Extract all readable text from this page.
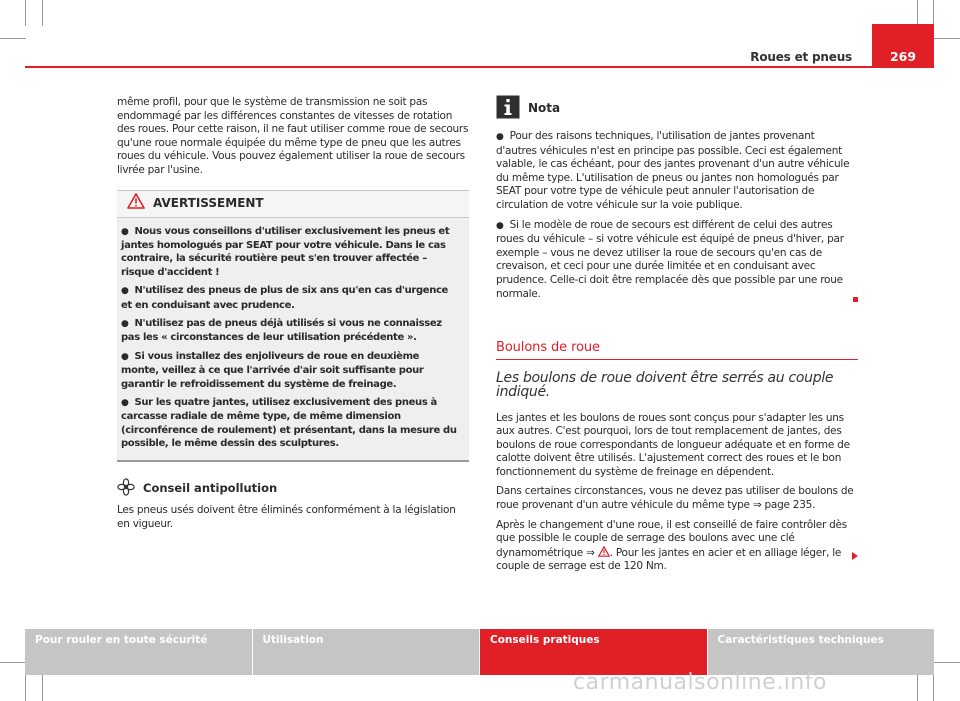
Roues et pneus	269

même profil, pour que le système de transmission ne soit pas endommagé par les différences constantes de vitesses de rotation des roues. Pour cette raison, il ne faut utiliser comme roue de secours qu'une roue normale équipée du même type de pneu que les autres roues du véhicule. Vous pouvez également utiliser la roue de secours livrée par l'usine.

AVERTISSEMENT

● Nous vous conseillons d'utiliser exclusivement les pneus et jantes homologués par SEAT pour votre véhicule. Dans le cas contraire, la sécurité routière peut s'en trouver affectée – risque d'accident !

● N'utilisez des pneus de plus de six ans qu'en cas d'urgence et en conduisant avec prudence.

● N'utilisez pas de pneus déjà utilisés si vous ne connaissez pas les « circonstances de leur utilisation précédente ».

● Si vous installez des enjoliveurs de roue en deuxième monte, veillez à ce que l'arrivée d'air soit suffisante pour garantir le refroidissement du système de freinage.

● Sur les quatre jantes, utilisez exclusivement des pneus à carcasse radiale de même type, de même dimension (circonférence de roulement) et présentant, dans la mesure du possible, le même dessin des sculptures.

Conseil antipollution

Les pneus usés doivent être éliminés conformément à la législation en vigueur.

Nota

● Pour des raisons techniques, l'utilisation de jantes provenant d'autres véhicules n'est en principe pas possible. Ceci est également valable, le cas échéant, pour des jantes provenant d'un autre véhicule du même type. L'utilisation de pneus ou jantes non homologués par SEAT pour votre type de véhicule peut annuler l'autorisation de circulation de votre véhicule sur la voie publique.

● Si le modèle de roue de secours est différent de celui des autres roues du véhicule – si votre véhicule est équipé de pneus d'hiver, par exemple – vous ne devez utiliser la roue de secours qu'en cas de crevaison, et ceci pour une durée limitée et en conduisant avec prudence. Celle-ci doit être remplacée dès que possible par une roue normale.

Boulons de roue
Les boulons de roue doivent être serrés au couple indiqué.

Les jantes et les boulons de roues sont conçus pour s'adapter les uns aux autres. C'est pourquoi, lors de tout remplacement de jantes, des boulons de roue correspondants de longueur adéquate et en forme de calotte doivent être utilisés. L'ajustement correct des roues et le bon fonctionnement du système de freinage en dépendent.

Dans certaines circonstances, vous ne devez pas utiliser de boulons de roue provenant d'un autre véhicule du même type ⇒ page 235.

Après le changement d'une roue, il est conseillé de faire contrôler dès que possible le couple de serrage des boulons avec une clé dynamométrique ⇒ . Pour les jantes en acier et en alliage léger, le couple de serrage est de 120 Nm.

Pour rouler en toute sécurité	Utilisation	Conseils pratiques	Caractéristiques techniques
carmanualsonline.info
